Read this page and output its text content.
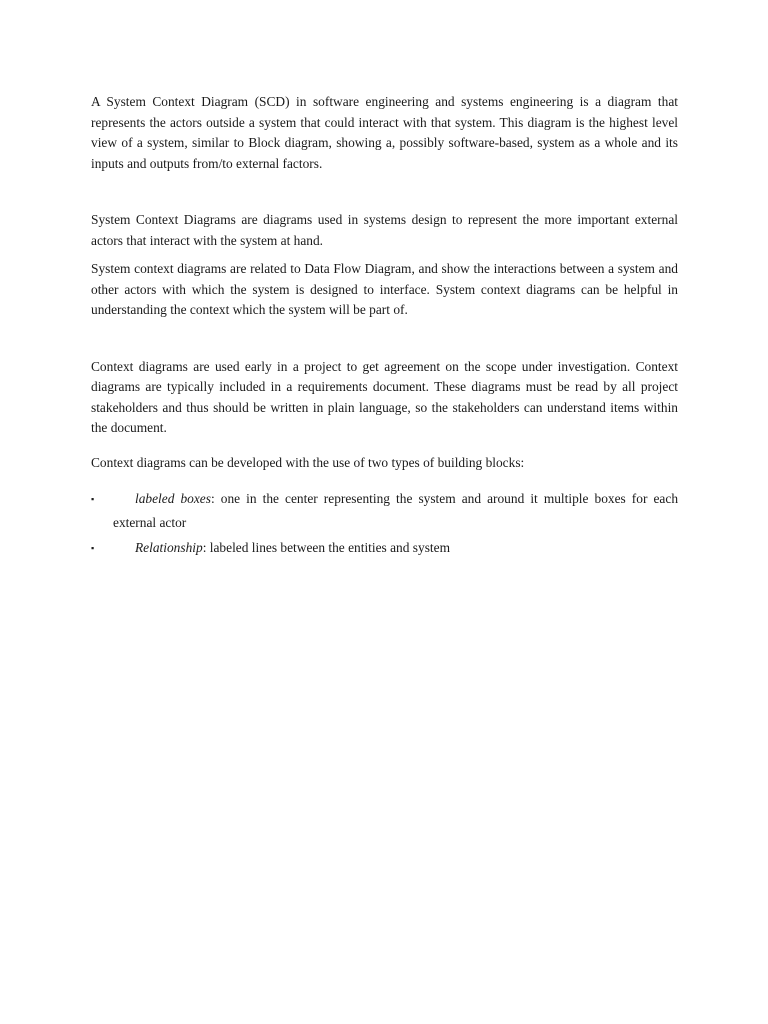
A System Context Diagram (SCD) in software engineering and systems engineering is a diagram that represents the actors outside a system that could interact with that system. This diagram is the highest level view of a system, similar to Block diagram, showing a, possibly software-based, system as a whole and its inputs and outputs from/to external factors.

System Context Diagrams are diagrams used in systems design to represent the more important external actors that interact with the system at hand.

System context diagrams are related to Data Flow Diagram, and show the interactions between a system and other actors with which the system is designed to interface. System context diagrams can be helpful in understanding the context which the system will be part of.

Context diagrams are used early in a project to get agreement on the scope under investigation. Context diagrams are typically included in a requirements document. These diagrams must be read by all project stakeholders and thus should be written in plain language, so the stakeholders can understand items within the document.

Context diagrams can be developed with the use of two types of building blocks:

▪	labeled boxes: one in the center representing the system and around it multiple boxes for each external actor
▪	Relationship: labeled lines between the entities and system
